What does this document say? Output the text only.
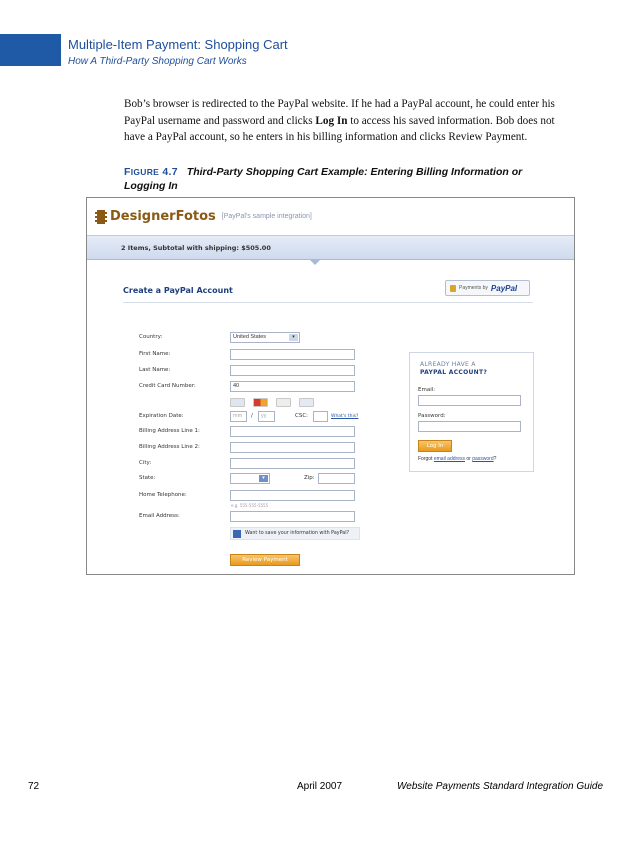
Multiple-Item Payment: Shopping Cart
How A Third-Party Shopping Cart Works

Bob’s browser is redirected to the PayPal website. If he had a PayPal account, he could enter his PayPal username and password and clicks Log In to access his saved information. Bob does not have a PayPal account, so he enters in his billing information and clicks Review Payment.

FIGURE 4.7 Third-Party Shopping Cart Example: Entering Billing Information or Logging In
DesignerFotos [PayPal's sample integration]
2 Items, Subtotal with shipping: $505.00
Create a PayPal Account	Payments by PayPal
Country:	United States	▾
First Name:
Last Name:
Credit Card Number:	40
Expiration Date:	mm	/	yy	CSC:	What's this?
Billing Address Line 1:
Billing Address Line 2:
City:
State:	▾	Zip:
Home Telephone:
e.g. 555-555-5555
Email Address:
Want to save your information with PayPal?
Review Payment
ALREADY HAVE A
PAYPAL ACCOUNT?
Email:
Password:
Log In
Forgot email address or password?
72	April 2007	Website Payments Standard Integration Guide
